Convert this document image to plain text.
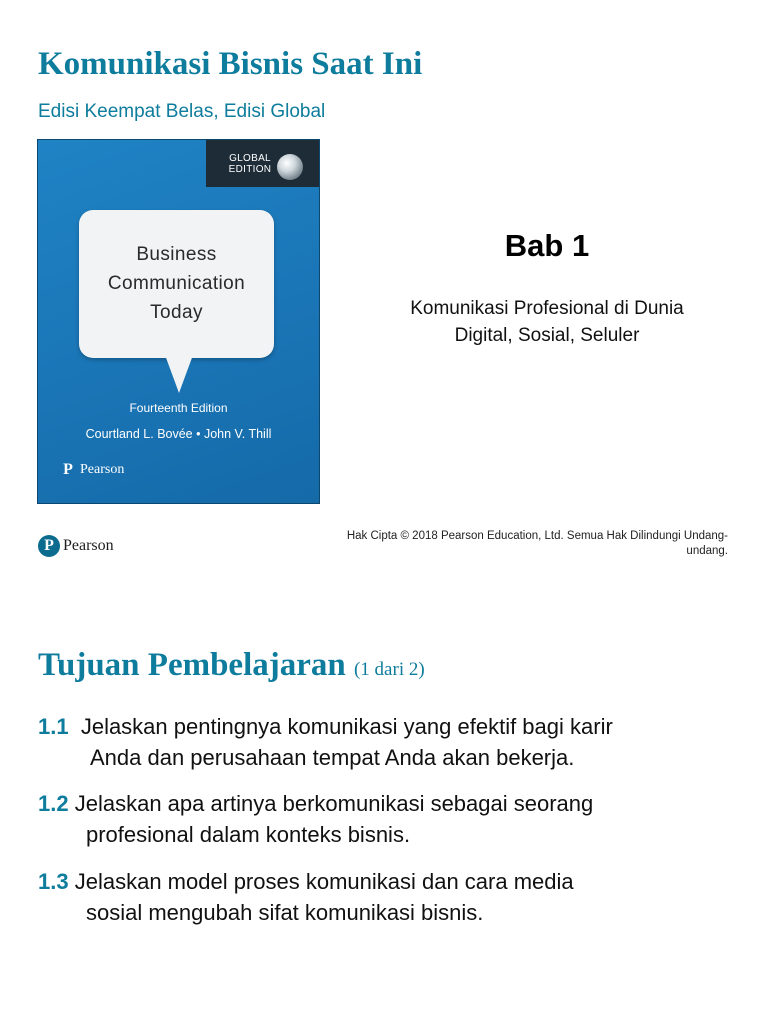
Komunikasi Bisnis Saat Ini
Edisi Keempat Belas, Edisi Global
GLOBAL
EDITION
Business
Communication
Today
Fourteenth Edition
Courtland L. Bovée • John V. Thill
P Pearson
Bab 1
Komunikasi Profesional di Dunia
Digital, Sosial, Seluler
P Pearson
Hak Cipta © 2018 Pearson Education, Ltd. Semua Hak Dilindungi Undang-
undang.
Tujuan Pembelajaran (1 dari 2)
1.1 Jelaskan pentingnya komunikasi yang efektif bagi karir
Anda dan perusahaan tempat Anda akan bekerja.
1.2 Jelaskan apa artinya berkomunikasi sebagai seorang
profesional dalam konteks bisnis.
1.3 Jelaskan model proses komunikasi dan cara media
sosial mengubah sifat komunikasi bisnis.
